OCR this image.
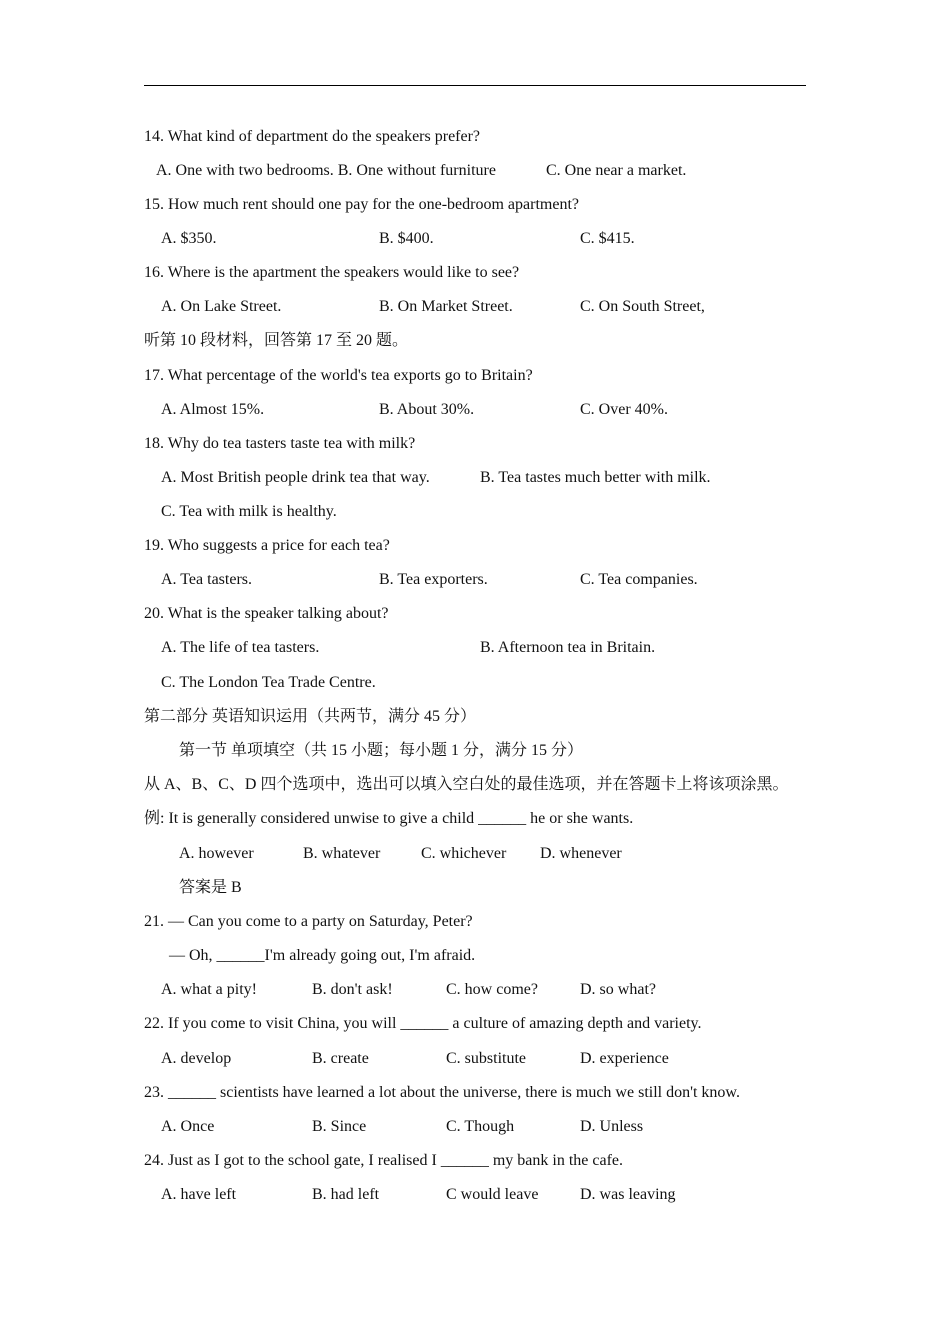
14. What kind of department do the speakers prefer?
A. One with two bedrooms. B. One without furniture	C. One near a market.
15. How much rent should one pay for the one-bedroom apartment?
A. $350.	B. $400.	C. $415.
16. Where is the apartment the speakers would like to see?
A. On Lake Street.	B. On Market Street.	C. On South Street,
听第 10 段材料，回答第 17 至 20 题。
17. What percentage of the world's tea exports go to Britain?
A. Almost 15%.	B. About 30%.	C. Over 40%.
18. Why do tea tasters taste tea with milk?
A. Most British people drink tea that way.	B. Tea tastes much better with milk.
C. Tea with milk is healthy.
19. Who suggests a price for each tea?
A. Tea tasters.	B. Tea exporters.	C. Tea companies.
20. What is the speaker talking about?
A. The life of tea tasters.	B. Afternoon tea in Britain.
C. The London Tea Trade Centre.
第二部分 英语知识运用（共两节，满分 45 分）
第一节 单项填空（共 15 小题；每小题 1 分，满分 15 分）
从 A、B、C、D 四个选项中，选出可以填入空白处的最佳选项，并在答题卡上将该项涂黑。
例: It is generally considered unwise to give a child ______ he or she wants.
A. however	B. whatever	C. whichever D. whenever
答案是 B
21. — Can you come to a party on Saturday, Peter?
— Oh, ______I'm already going out, I'm afraid.
A. what a pity!	B. don't ask!	C. how come?	D. so what?
22. If you come to visit China, you will ______ a culture of amazing depth and variety.
A. develop	B. create	C. substitute	D. experience
23. ______ scientists have learned a lot about the universe, there is much we still don't know.
A. Once	B. Since	C. Though	D. Unless
24. Just as I got to the school gate, I realised I ______ my bank in the cafe.
A. have left	B. had left	C would leave	D. was leaving
